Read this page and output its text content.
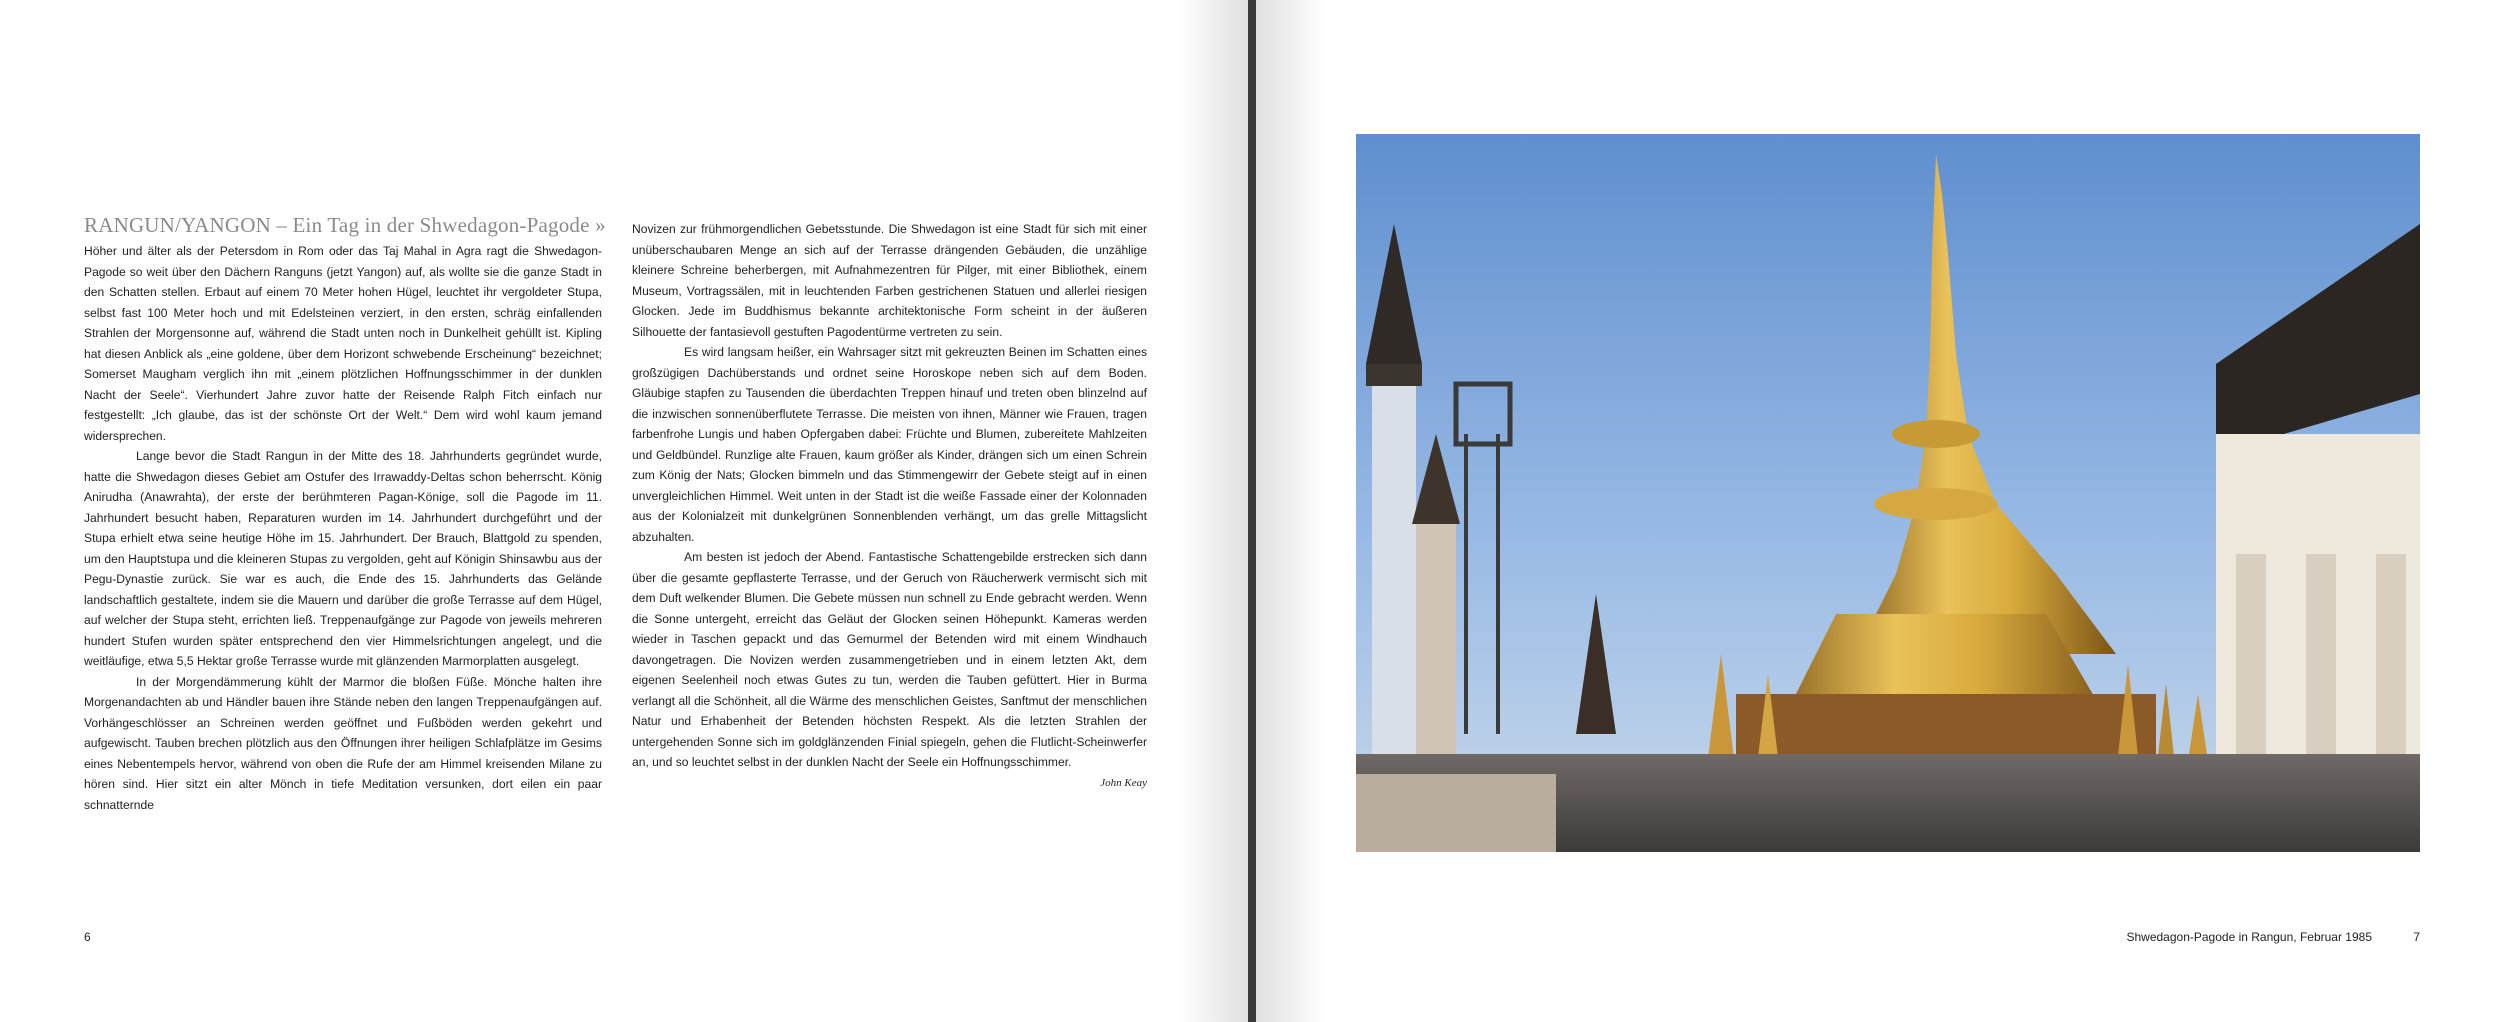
RANGUN/YANGON – Ein Tag in der Shwedagon-Pagode »

Höher und älter als der Petersdom in Rom oder das Taj Mahal in Agra ragt die Shwedagon-Pagode so weit über den Dächern Ranguns (jetzt Yangon) auf, als wollte sie die ganze Stadt in den Schatten stellen. Erbaut auf einem 70 Meter hohen Hügel, leuchtet ihr vergoldeter Stupa, selbst fast 100 Meter hoch und mit Edelsteinen verziert, in den ersten, schräg einfallenden Strahlen der Morgensonne auf, während die Stadt unten noch in Dunkelheit gehüllt ist. Kipling hat diesen Anblick als „eine goldene, über dem Horizont schwebende Erscheinung“ bezeichnet; Somerset Maugham verglich ihn mit „einem plötzlichen Hoffnungsschimmer in der dunklen Nacht der Seele“. Vierhundert Jahre zuvor hatte der Reisende Ralph Fitch einfach nur festgestellt: „Ich glaube, das ist der schönste Ort der Welt.“ Dem wird wohl kaum jemand widersprechen.

Lange bevor die Stadt Rangun in der Mitte des 18. Jahrhunderts gegründet wurde, hatte die Shwedagon dieses Gebiet am Ostufer des Irrawaddy-Deltas schon beherrscht. König Anirudha (Anawrahta), der erste der berühmteren Pagan-Könige, soll die Pagode im 11. Jahrhundert besucht haben, Reparaturen wurden im 14. Jahrhundert durchgeführt und der Stupa erhielt etwa seine heutige Höhe im 15. Jahrhundert. Der Brauch, Blattgold zu spenden, um den Hauptstupa und die kleineren Stupas zu vergolden, geht auf Königin Shinsawbu aus der Pegu-Dynastie zurück. Sie war es auch, die Ende des 15. Jahrhunderts das Gelände landschaftlich gestaltete, indem sie die Mauern und darüber die große Terrasse auf dem Hügel, auf welcher der Stupa steht, errichten ließ. Treppenaufgänge zur Pagode von jeweils mehreren hundert Stufen wurden später entsprechend den vier Himmelsrichtungen angelegt, und die weitläufige, etwa 5,5 Hektar große Terrasse wurde mit glänzenden Marmorplatten ausgelegt.

In der Morgendämmerung kühlt der Marmor die bloßen Füße. Mönche halten ihre Morgenandachten ab und Händler bauen ihre Stände neben den langen Treppenaufgängen auf. Vorhängeschlösser an Schreinen werden geöffnet und Fußböden werden gekehrt und aufgewischt. Tauben brechen plötzlich aus den Öffnungen ihrer heiligen Schlafplätze im Gesims eines Nebentempels hervor, während von oben die Rufe der am Himmel kreisenden Milane zu hören sind. Hier sitzt ein alter Mönch in tiefe Meditation versunken, dort eilen ein paar schnatternde

Novizen zur frühmorgendlichen Gebetsstunde. Die Shwedagon ist eine Stadt für sich mit einer unüberschaubaren Menge an sich auf der Terrasse drängenden Gebäuden, die unzählige kleinere Schreine beherbergen, mit Aufnahmezentren für Pilger, mit einer Bibliothek, einem Museum, Vortragssälen, mit in leuchtenden Farben gestrichenen Statuen und allerlei riesigen Glocken. Jede im Buddhismus bekannte architektonische Form scheint in der äußeren Silhouette der fantasievoll gestuften Pagodentürme vertreten zu sein.

Es wird langsam heißer, ein Wahrsager sitzt mit gekreuzten Beinen im Schatten eines großzügigen Dachüberstands und ordnet seine Horoskope neben sich auf dem Boden. Gläubige stapfen zu Tausenden die überdachten Treppen hinauf und treten oben blinzelnd auf die inzwischen sonnenüberflutete Terrasse. Die meisten von ihnen, Männer wie Frauen, tragen farbenfrohe Lungis und haben Opfergaben dabei: Früchte und Blumen, zubereitete Mahlzeiten und Geldbündel. Runzlige alte Frauen, kaum größer als Kinder, drängen sich um einen Schrein zum König der Nats; Glocken bimmeln und das Stimmengewirr der Gebete steigt auf in einen unvergleichlichen Himmel. Weit unten in der Stadt ist die weiße Fassade einer der Kolonnaden aus der Kolonialzeit mit dunkelgrünen Sonnenblenden verhängt, um das grelle Mittagslicht abzuhalten.

Am besten ist jedoch der Abend. Fantastische Schattengebilde erstrecken sich dann über die gesamte gepflasterte Terrasse, und der Geruch von Räucherwerk vermischt sich mit dem Duft welkender Blumen. Die Gebete müssen nun schnell zu Ende gebracht werden. Wenn die Sonne untergeht, erreicht das Geläut der Glocken seinen Höhepunkt. Kameras werden wieder in Taschen gepackt und das Gemurmel der Betenden wird mit einem Windhauch davongetragen. Die Novizen werden zusammengetrieben und in einem letzten Akt, dem eigenen Seelenheil noch etwas Gutes zu tun, werden die Tauben gefüttert. Hier in Burma verlangt all die Schönheit, all die Wärme des menschlichen Geistes, Sanftmut der menschlichen Natur und Erhabenheit der Betenden höchsten Respekt. Als die letzten Strahlen der untergehenden Sonne sich im goldglänzenden Finial spiegeln, gehen die Flutlicht-Scheinwerfer an, und so leuchtet selbst in der dunklen Nacht der Seele ein Hoffnungsschimmer.

John Keay
6	Shwedagon-Pagode in Rangun, Februar 1985	7
